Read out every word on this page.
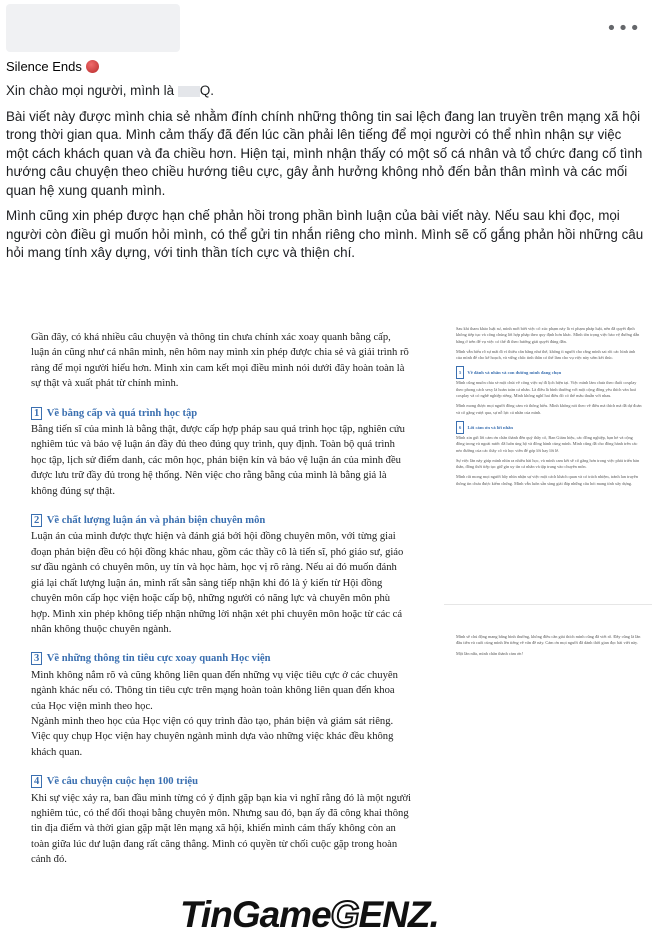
•••
Silence Ends

Xin chào mọi người, mình là Q.

Bài viết này được mình chia sẻ nhằm đính chính những thông tin sai lệch đang lan truyền trên mạng xã hội trong thời gian qua. Mình cảm thấy đã đến lúc cần phải lên tiếng để mọi người có thể nhìn nhận sự việc một cách khách quan và đa chiều hơn. Hiện tại, mình nhận thấy có một số cá nhân và tổ chức đang cố tình hướng câu chuyện theo chiều hướng tiêu cực, gây ảnh hưởng không nhỏ đến bản thân mình và các mối quan hệ xung quanh mình.

Mình cũng xin phép được hạn chế phản hồi trong phần bình luận của bài viết này. Nếu sau khi đọc, mọi người còn điều gì muốn hỏi mình, có thể gửi tin nhắn riêng cho mình. Mình sẽ cố gắng phản hồi những câu hỏi mang tính xây dựng, với tinh thần tích cực và thiện chí.

Gần đây, có khá nhiều câu chuyện và thông tin chưa chính xác xoay quanh bằng cấp, luận án cũng như cá nhân mình, nên hôm nay mình xin phép được chia sẻ và giải trình rõ ràng để mọi người hiểu hơn. Mình xin cam kết mọi điều mình nói dưới đây hoàn toàn là sự thật và xuất phát từ chính mình.

1 Về bằng cấp và quá trình học tập

Bằng tiến sĩ của mình là bằng thật, được cấp hợp pháp sau quá trình học tập, nghiên cứu nghiêm túc và bảo vệ luận án đầy đủ theo đúng quy trình, quy định. Toàn bộ quá trình học tập, lịch sử điểm danh, các môn học, phản biện kín và bảo vệ luận án của mình đều được lưu trữ đầy đủ trong hệ thống. Nên việc cho rằng bằng của mình là bằng giả là không đúng sự thật.

2 Về chất lượng luận án và phản biện chuyên môn

Luận án của mình được thực hiện và đánh giá bởi hội đồng chuyên môn, với từng giai đoạn phản biện đều có hội đồng khác nhau, gồm các thầy cô là tiến sĩ, phó giáo sư, giáo sư đầu ngành có chuyên môn, uy tín và học hàm, học vị rõ ràng. Nếu ai đó muốn đánh giá lại chất lượng luận án, mình rất sẵn sàng tiếp nhận khi đó là ý kiến từ Hội đồng chuyên môn cấp học viện hoặc cấp bộ, những người có năng lực và chuyên môn phù hợp. Mình xin phép không tiếp nhận những lời nhận xét phi chuyên môn hoặc từ các cá nhân không thuộc chuyên ngành.

3 Về những thông tin tiêu cực xoay quanh Học viện

Mình không nắm rõ và cũng không liên quan đến những vụ việc tiêu cực ở các chuyên ngành khác nếu có. Thông tin tiêu cực trên mạng hoàn toàn không liên quan đến khoa của Học viện mình theo học.

Ngành mình theo học của Học viện có quy trình đào tạo, phản biện và giám sát riêng. Việc quy chụp Học viện hay chuyên ngành mình dựa vào những việc khác đều không khách quan.

4 Về câu chuyện cuộc hẹn 100 triệu

Khi sự việc xảy ra, ban đầu mình từng có ý định gặp bạn kia vì nghĩ rằng đó là một người nghiêm túc, có thể đối thoại bằng chuyên môn. Nhưng sau đó, bạn ấy đã công khai thông tin địa điểm và thời gian gặp mặt lên mạng xã hội, khiến mình cảm thấy không còn an toàn giữa lúc dư luận đang rất căng thẳng. Mình có quyền từ chối cuộc gặp trong hoàn cảnh đó.

Sau khi tham khảo luật sư, mình mới biết việc cố xúc phạm này là vi phạm pháp luật, nên đã quyết định không tiếp tục và công chúng lời hợp pháp theo quy định hơn khác. Mình tôn trọng việc bảo vệ đường dẫn bằng ở trên để vụ việc có thể đi theo hướng giải quyết đúng đắn.

Mình vẫn hiểu rõ sự mất đi vì thiếu cân bằng như thế, không ít người cho rằng mình sai rồi các hình ảnh của mình để cho kế hoạch, và vững chắc tinh thần có thể làm cho vụ việc này sớm kết thúc.

5 Về đánh và nhân và con đường mình đang chọn

Mình cũng muốn chia sẻ một chút về công việc sự đi lịch hiện tại. Việc mình làm chưa theo đuổi cosplay theo phong cách sexy là hoàn toàn cá nhân. Là điều là bình thường với một cộng đồng yêu thích văn hoá cosplay và có nghề nghiệp riêng. Mình không nghĩ hai điều đó có thể mâu thuẫn với nhau.

Mình mong được mọi người đồng cảm và thông hiểu. Mình không nói theo về điều mà thích mà đã dự đoán và cố gắng vượt qua, sự nỗ lực cá nhân của mình.

6 Lời cảm ơn và lời nhắn

Mình xin gửi lời cảm ơn chân thành đến quý thầy cô, Ban Giám hiệu, các đồng nghiệp, bạn bè và cộng đồng trong và ngoài nước đã luôn ủng hộ và đồng hành cùng mình. Mình cũng đã cho đồng hành trên các nẻo đường của các thầy cô và học viên để góp lời hay lời lẽ.

Sự việc lần này giúp mình nhìn ra nhiều bài học, và mình cam kết sẽ cố gắng hơn trong việc phát triển bản thân, đồng thời tiếp tục giữ gìn uy tín cá nhân và tập trung vào chuyên môn.

Mình rất mong mọi người hãy nhìn nhận sự việc một cách khách quan và có trách nhiệm, tránh lan truyền thông tin chưa được kiểm chứng. Mình vẫn luôn sẵn sàng giải đáp những câu hỏi mang tính xây dựng.

Mình sẽ chủ động mang bằng bình thường, không điều cần giải thích mình cũng đã viết rõ. Đây cũng là lần đầu tiên và cuối cùng mình lên tiếng về vấn đề này. Cảm ơn mọi người đã dành thời gian đọc bài viết này.

Một lần nữa, mình chân thành cảm ơn!

TinGame G ENZ.
